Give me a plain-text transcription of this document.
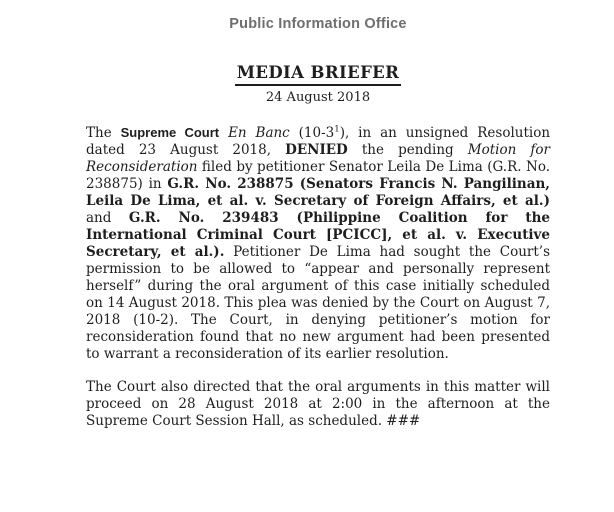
Public Information Office
MEDIA BRIEFER
24 August 2018

The Supreme Court En Banc $(10-3^1)$, in an unsigned Resolution dated 23 August 2018, DENIED the pending Motion for Reconsideration filed by petitioner Senator Leila De Lima (G.R. No. 238875) in G.R. No. 238875 (Senators Francis N. Pangilinan, Leila De Lima, et al. v. Secretary of Foreign Affairs, et al.) and G.R. No. 239483 (Philippine Coalition for the International Criminal Court [PCICC], et al. v. Executive Secretary, et al.). Petitioner De Lima had sought the Court’s permission to be allowed to “appear and personally represent herself” during the oral argument of this case initially scheduled on 14 August 2018. This plea was denied by the Court on August 7, 2018 (10-2). The Court, in denying petitioner’s motion for reconsideration found that no new argument had been presented to warrant a reconsideration of its earlier resolution.

The Court also directed that the oral arguments in this matter will proceed on 28 August 2018 at 2:00 in the afternoon at the Supreme Court Session Hall, as scheduled. ###
